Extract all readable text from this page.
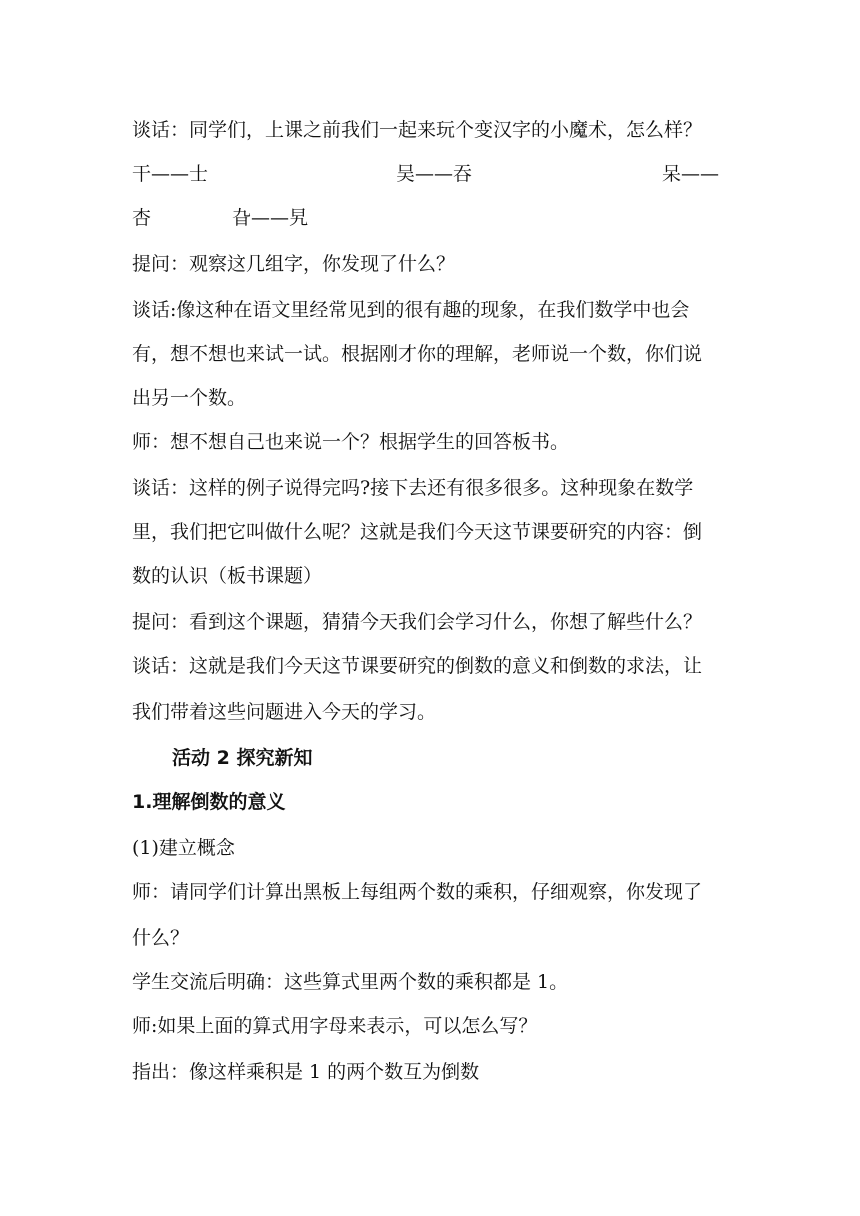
谈话：同学们，上课之前我们一起来玩个变汉字的小魔术，怎么样？

干——士	吴——吞	呆——

杏	旮——旯

提问：观察这几组字，你发现了什么？

谈话:像这种在语文里经常见到的很有趣的现象，在我们数学中也会

有，想不想也来试一试。根据刚才你的理解，老师说一个数，你们说

出另一个数。

师：想不想自己也来说一个？根据学生的回答板书。

谈话：这样的例子说得完吗?接下去还有很多很多。这种现象在数学

里，我们把它叫做什么呢？这就是我们今天这节课要研究的内容：倒

数的认识（板书课题）

提问：看到这个课题，猜猜今天我们会学习什么，你想了解些什么？

谈话：这就是我们今天这节课要研究的倒数的意义和倒数的求法，让

我们带着这些问题进入今天的学习。

活动 2 探究新知

1.理解倒数的意义

(1)建立概念

师：请同学们计算出黑板上每组两个数的乘积，仔细观察，你发现了

什么？

学生交流后明确：这些算式里两个数的乘积都是 1。

师:如果上面的算式用字母来表示，可以怎么写？

指出：像这样乘积是 1 的两个数互为倒数
